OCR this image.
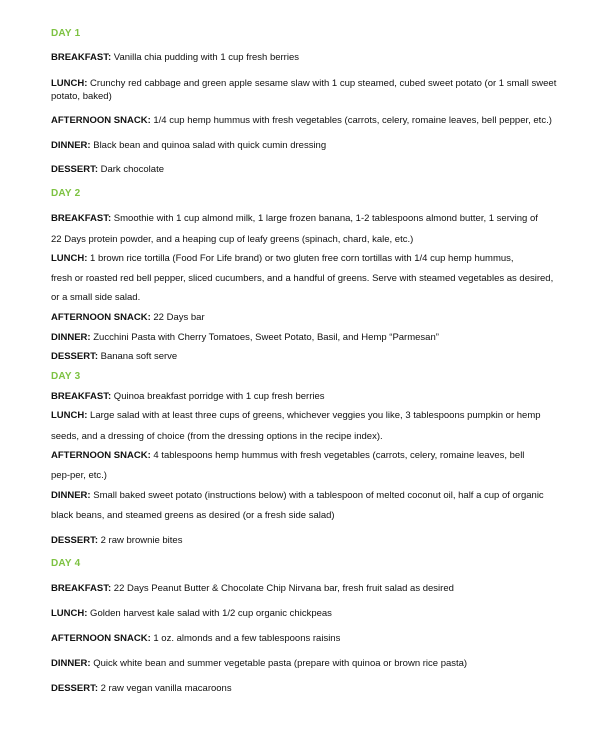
DAY 1
BREAKFAST: Vanilla chia pudding with 1 cup fresh berries
LUNCH: Crunchy red cabbage and green apple sesame slaw with 1 cup steamed, cubed sweet potato (or 1 small sweet
potato, baked)
AFTERNOON SNACK: 1/4 cup hemp hummus with fresh vegetables (carrots, celery, romaine leaves, bell pepper, etc.)
DINNER: Black bean and quinoa salad with quick cumin dressing
DESSERT: Dark chocolate
DAY 2
BREAKFAST: Smoothie with 1 cup almond milk, 1 large frozen banana, 1-2 tablespoons almond butter, 1 serving of
22 Days protein powder, and a heaping cup of leafy greens (spinach, chard, kale, etc.)
LUNCH: 1 brown rice tortilla (Food For Life brand) or two gluten free corn tortillas with 1/4 cup hemp hummus,
fresh or roasted red bell pepper, sliced cucumbers, and a handful of greens. Serve with steamed vegetables as desired,
or a small side salad.
AFTERNOON SNACK: 22 Days bar
DINNER: Zucchini Pasta with Cherry Tomatoes, Sweet Potato, Basil, and Hemp “Parmesan”
DESSERT: Banana soft serve
DAY 3
BREAKFAST: Quinoa breakfast porridge with 1 cup fresh berries
LUNCH: Large salad with at least three cups of greens, whichever veggies you like, 3 tablespoons pumpkin or hemp
seeds, and a dressing of choice (from the dressing options in the recipe index).
AFTERNOON SNACK: 4 tablespoons hemp hummus with fresh vegetables (carrots, celery, romaine leaves, bell
pep-per, etc.)
DINNER: Small baked sweet potato (instructions below) with a tablespoon of melted coconut oil, half a cup of organic
black beans, and steamed greens as desired (or a fresh side salad)
DESSERT: 2 raw brownie bites
DAY 4
BREAKFAST: 22 Days Peanut Butter & Chocolate Chip Nirvana bar, fresh fruit salad as desired
LUNCH: Golden harvest kale salad with 1/2 cup organic chickpeas
AFTERNOON SNACK: 1 oz. almonds and a few tablespoons raisins
DINNER: Quick white bean and summer vegetable pasta (prepare with quinoa or brown rice pasta)
DESSERT: 2 raw vegan vanilla macaroons
